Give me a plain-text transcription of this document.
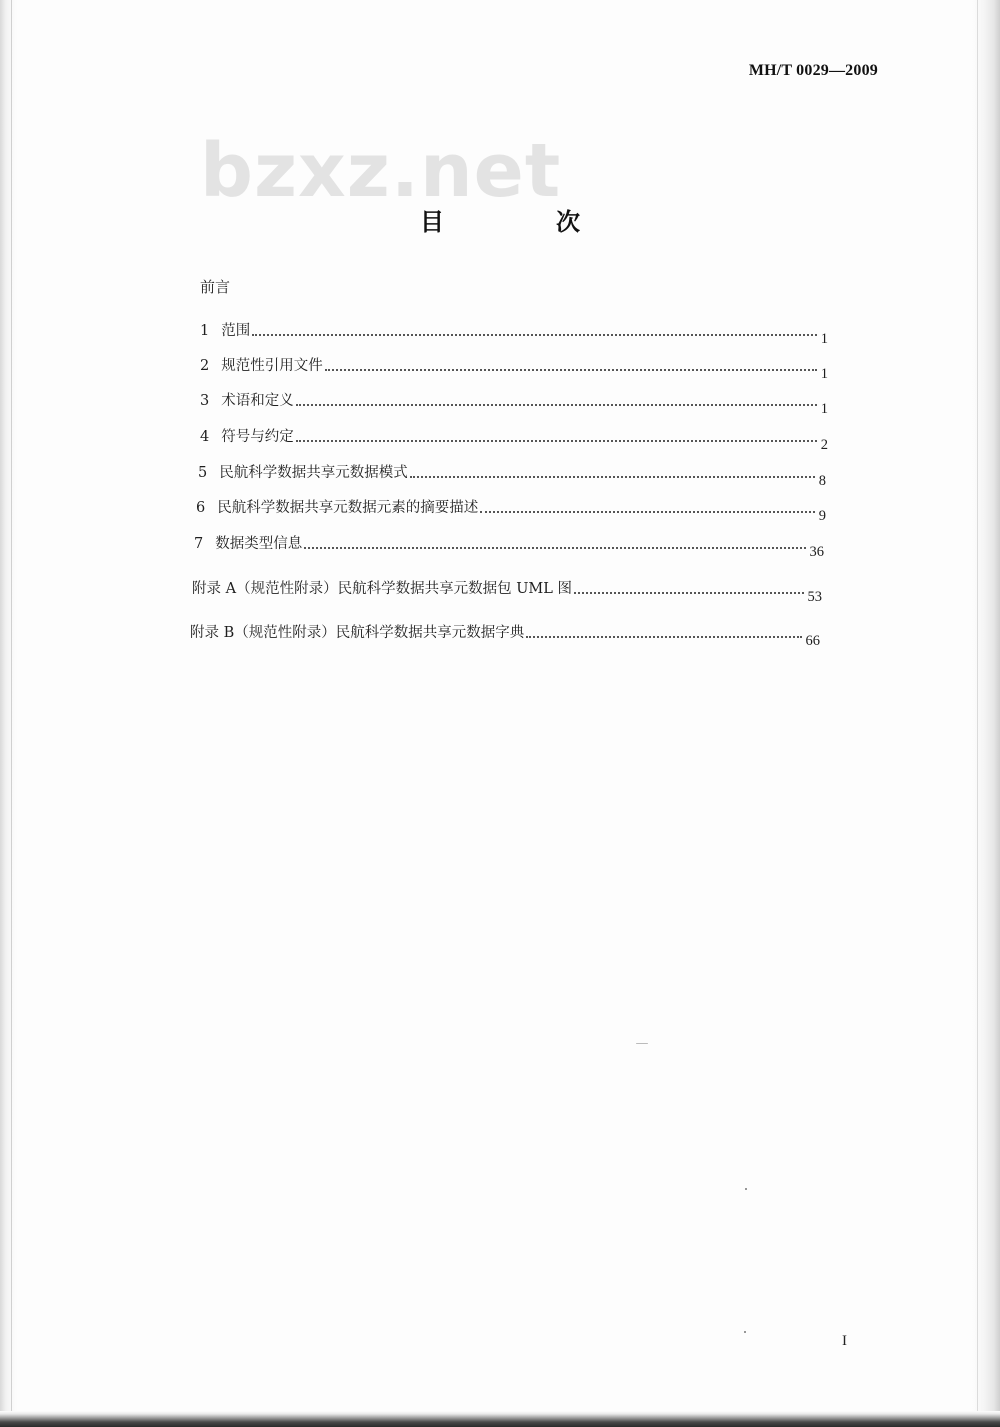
MH/T 0029—2009
bzxz.net
目　次
前言
1 范围	1
2 规范性引用文件	1
3 术语和定义	1
4 符号与约定	2
5 民航科学数据共享元数据模式	8
6 民航科学数据共享元数据元素的摘要描述	9
7 数据类型信息	36
附录 A（规范性附录）民航科学数据共享元数据包 UML 图	53
附录 B（规范性附录）民航科学数据共享元数据字典	66
I
